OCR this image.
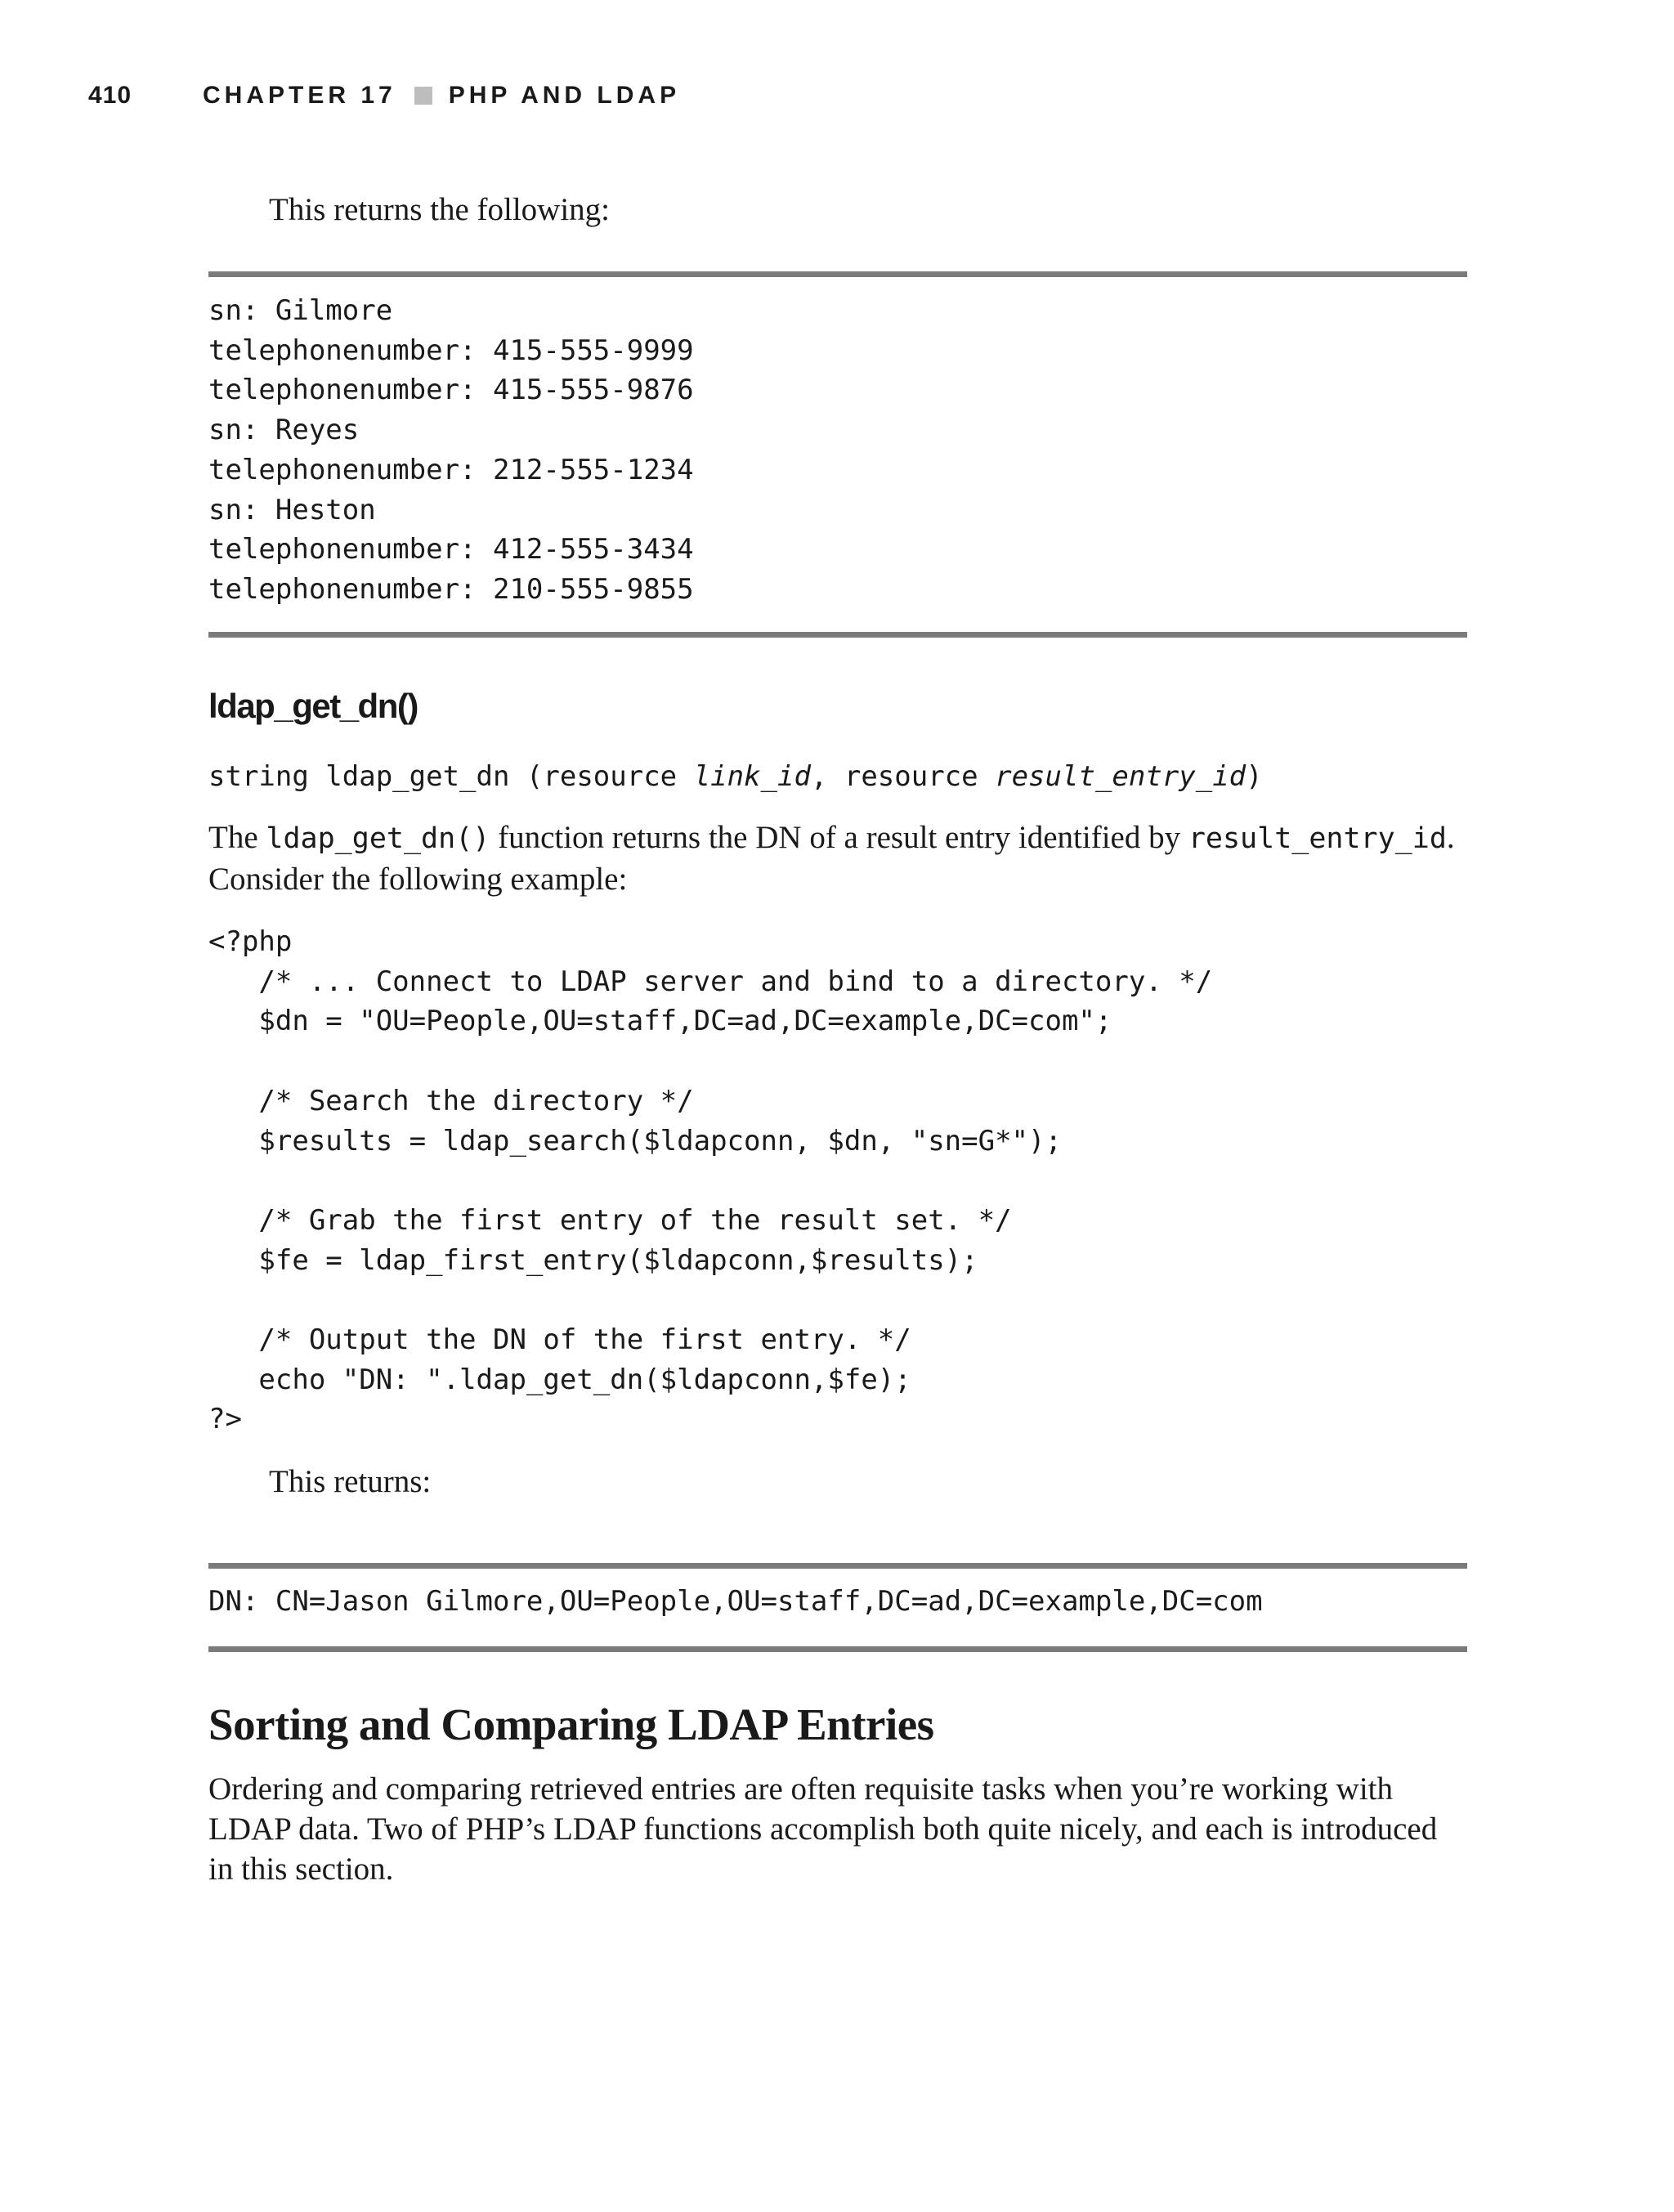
410	CHAPTER 17 PHP AND LDAP

This returns the following:

sn: Gilmore
telephonenumber: 415-555-9999
telephonenumber: 415-555-9876
sn: Reyes
telephonenumber: 212-555-1234
sn: Heston
telephonenumber: 412-555-3434
telephonenumber: 210-555-9855
ldap_get_dn()

string ldap_get_dn (resource link_id, resource result_entry_id)

The ldap_get_dn() function returns the DN of a result entry identified by result_entry_id.

Consider the following example:

<?php
/* ... Connect to LDAP server and bind to a directory. */
$dn = "OU=People,OU=staff,DC=ad,DC=example,DC=com";

/* Search the directory */
$results = ldap_search($ldapconn, $dn, "sn=G*");

/* Grab the first entry of the result set. */
$fe = ldap_first_entry($ldapconn,$results);

/* Output the DN of the first entry. */
echo "DN: ".ldap_get_dn($ldapconn,$fe);
?>

This returns:

DN: CN=Jason Gilmore,OU=People,OU=staff,DC=ad,DC=example,DC=com
Sorting and Comparing LDAP Entries

Ordering and comparing retrieved entries are often requisite tasks when you’re working with

LDAP data. Two of PHP’s LDAP functions accomplish both quite nicely, and each is introduced

in this section.
